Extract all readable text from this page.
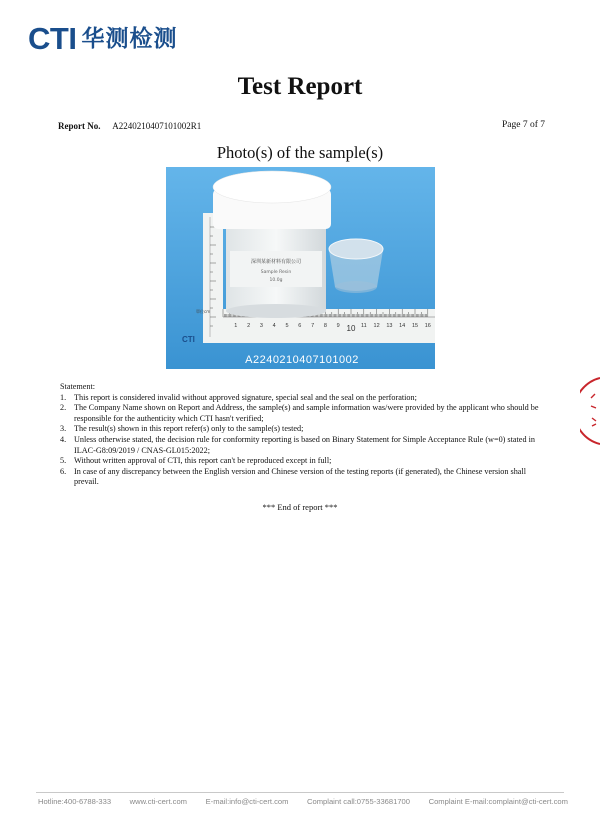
CTI 华测检测
Test Report
Report No. A2240210407101002R1	Page 7 of 7
Photo(s) of the sample(s)
1 2 3 4 5 6 7 8 9 10 11 12 13 14 15 16
CTI
單位cm
深圳某新材料有限公司
Sample Resin
10.0g
A2240210407101002
Statement:
1. This report is considered invalid without approved signature, special seal and the seal on the perforation;
2. The Company Name shown on Report and Address, the sample(s) and sample information was/were provided by the applicant who should be responsible for the authenticity which CTI hasn't verified;
3. The result(s) shown in this report refer(s) only to the sample(s) tested;
4. Unless otherwise stated, the decision rule for conformity reporting is based on Binary Statement for Simple Acceptance Rule (w=0) stated in ILAC-G8:09/2019 / CNAS-GL015:2022;
5. Without written approval of CTI, this report can't be reproduced except in full;
6. In case of any discrepancy between the English version and Chinese version of the testing reports (if generated), the Chinese version shall prevail.
*** End of report ***
Hotline:400-6788-333 www.cti-cert.com E-mail:info@cti-cert.com Complaint call:0755-33681700 Complaint E-mail:complaint@cti-cert.com
